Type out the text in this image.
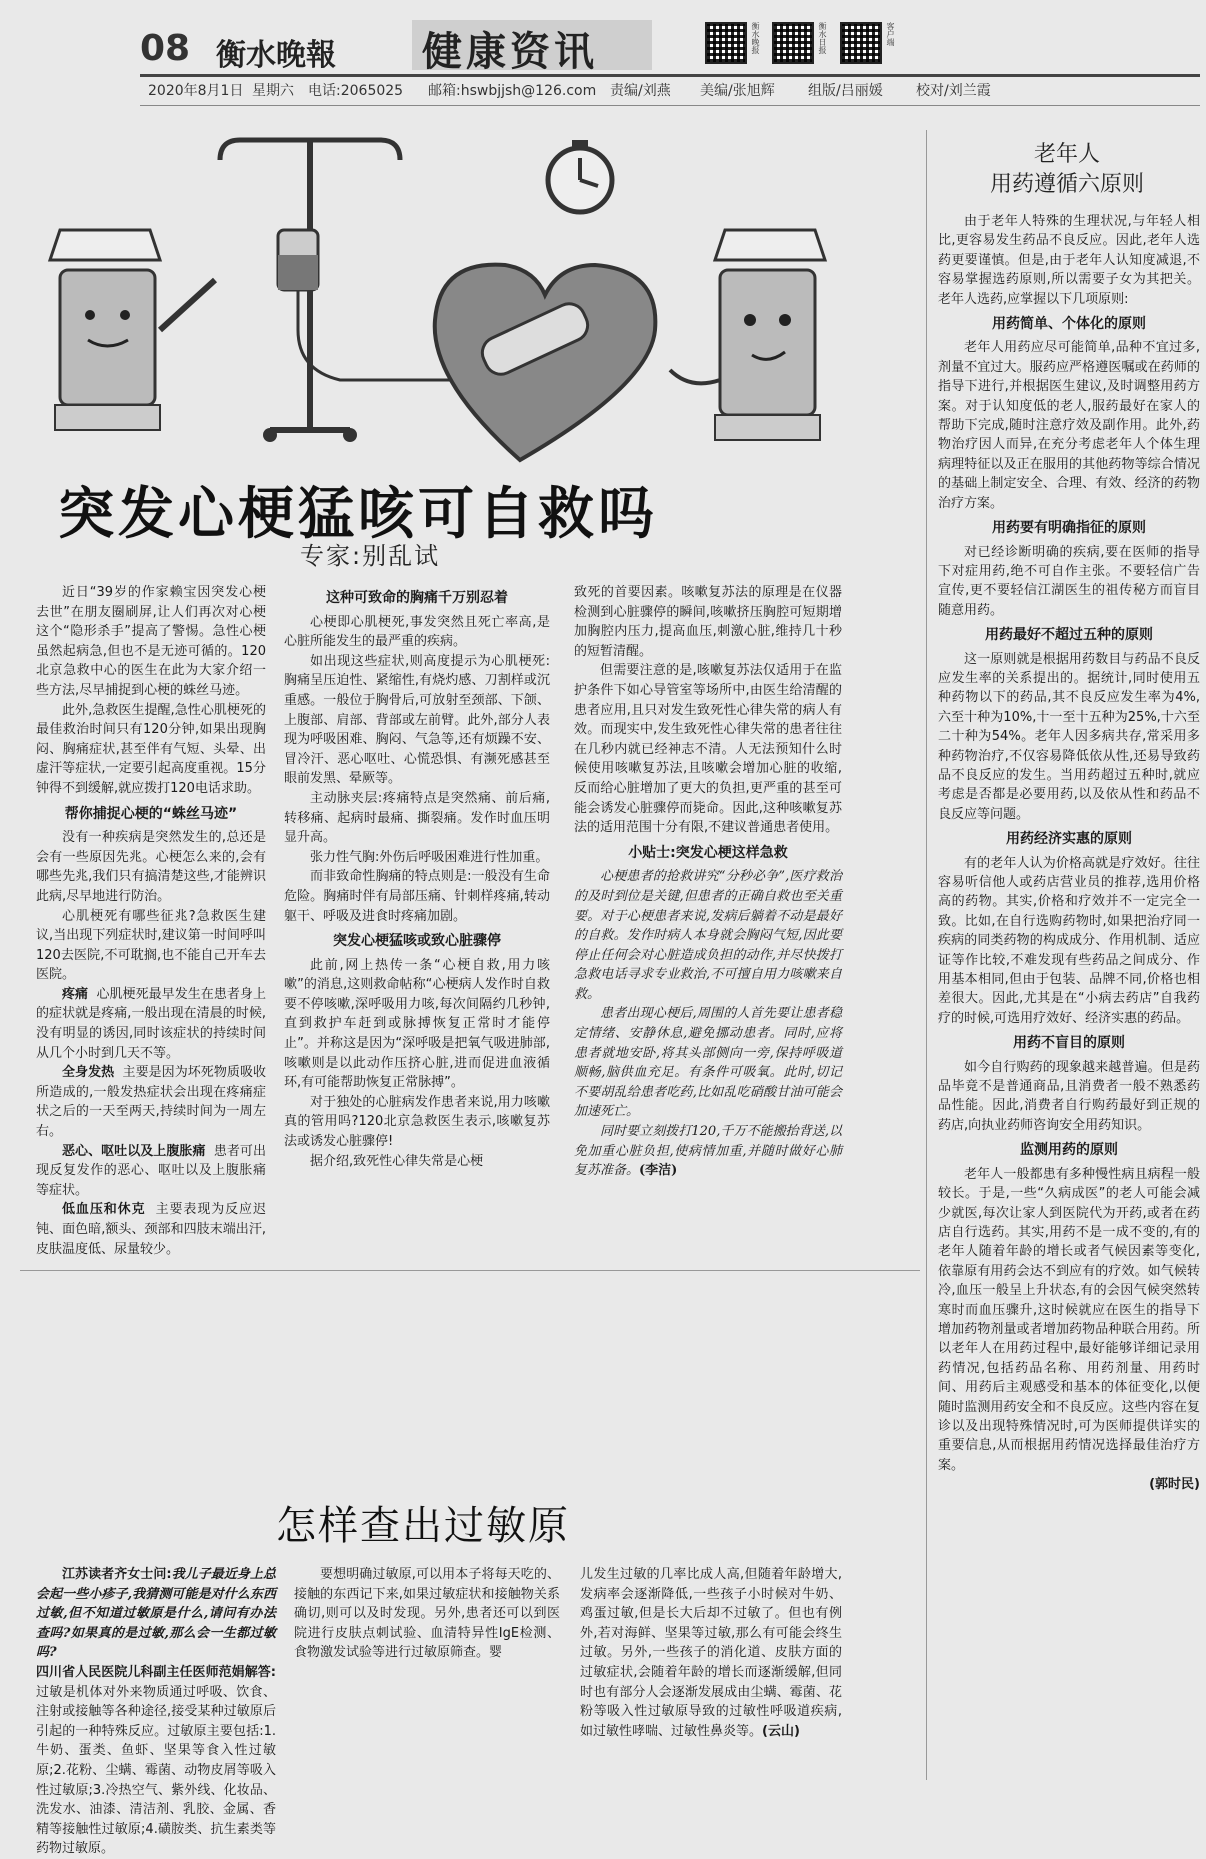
08 衡水晚報 健康资讯	衡水晚报	衡水日报	客户端
2020年8月1日 星期六 电话:2065025 邮箱:hswbjjsh@126.com 责编/刘燕 美编/张旭辉 组版/吕丽媛 校对/刘兰霞
突发心梗猛咳可自救吗
专家:别乱试

近日“39岁的作家赖宝因突发心梗去世”在朋友圈刷屏,让人们再次对心梗这个“隐形杀手”提高了警惕。急性心梗虽然起病急,但也不是无迹可循的。120北京急救中心的医生在此为大家介绍一些方法,尽早捕捉到心梗的蛛丝马迹。

此外,急救医生提醒,急性心肌梗死的最佳救治时间只有120分钟,如果出现胸闷、胸痛症状,甚至伴有气短、头晕、出虚汗等症状,一定要引起高度重视。15分钟得不到缓解,就应拨打120电话求助。

帮你捕捉心梗的“蛛丝马迹”

没有一种疾病是突然发生的,总还是会有一些原因先兆。心梗怎么来的,会有哪些先兆,我们只有搞清楚这些,才能辨识此病,尽早地进行防治。

心肌梗死有哪些征兆?急救医生建议,当出现下列症状时,建议第一时间呼叫120去医院,不可耽搁,也不能自己开车去医院。

疼痛 心肌梗死最早发生在患者身上的症状就是疼痛,一般出现在清晨的时候,没有明显的诱因,同时该症状的持续时间从几个小时到几天不等。

全身发热 主要是因为坏死物质吸收所造成的,一般发热症状会出现在疼痛症状之后的一天至两天,持续时间为一周左右。

恶心、呕吐以及上腹胀痛 患者可出现反复发作的恶心、呕吐以及上腹胀痛等症状。

低血压和休克 主要表现为反应迟钝、面色暗,额头、颈部和四肢末端出汗,皮肤温度低、尿量较少。

这种可致命的胸痛千万别忍着

心梗即心肌梗死,事发突然且死亡率高,是心脏所能发生的最严重的疾病。

如出现这些症状,则高度提示为心肌梗死:胸痛呈压迫性、紧缩性,有烧灼感、刀割样或沉重感。一般位于胸骨后,可放射至颈部、下颌、上腹部、肩部、背部或左前臂。此外,部分人表现为呼吸困难、胸闷、气急等,还有烦躁不安、冒冷汗、恶心呕吐、心慌恐惧、有濒死感甚至眼前发黑、晕厥等。

主动脉夹层:疼痛特点是突然痛、前后痛,转移痛、起病时最痛、撕裂痛。发作时血压明显升高。

张力性气胸:外伤后呼吸困难进行性加重。

而非致命性胸痛的特点则是:一般没有生命危险。胸痛时伴有局部压痛、针刺样疼痛,转动躯干、呼吸及进食时疼痛加剧。

突发心梗猛咳或致心脏骤停

此前,网上热传一条“心梗自救,用力咳嗽”的消息,这则救命帖称“心梗病人发作时自救要不停咳嗽,深呼吸用力咳,每次间隔约几秒钟,直到救护车赶到或脉搏恢复正常时才能停止”。并称这是因为“深呼吸是把氧气吸进肺部,咳嗽则是以此动作压挤心脏,进而促进血液循环,有可能帮助恢复正常脉搏”。

对于独处的心脏病发作患者来说,用力咳嗽真的管用吗?120北京急救医生表示,咳嗽复苏法或诱发心脏骤停!

据介绍,致死性心律失常是心梗

致死的首要因素。咳嗽复苏法的原理是在仪器检测到心脏骤停的瞬间,咳嗽挤压胸腔可短期增加胸腔内压力,提高血压,刺激心脏,维持几十秒的短暂清醒。

但需要注意的是,咳嗽复苏法仅适用于在监护条件下如心导管室等场所中,由医生给清醒的患者应用,且只对发生致死性心律失常的病人有效。而现实中,发生致死性心律失常的患者往往在几秒内就已经神志不清。人无法预知什么时候使用咳嗽复苏法,且咳嗽会增加心脏的收缩,反而给心脏增加了更大的负担,更严重的甚至可能会诱发心脏骤停而毙命。因此,这种咳嗽复苏法的适用范围十分有限,不建议普通患者使用。

小贴士:突发心梗这样急救

心梗患者的抢救讲究“分秒必争”,医疗救治的及时到位是关键,但患者的正确自救也至关重要。对于心梗患者来说,发病后躺着不动是最好的自救。发作时病人本身就会胸闷气短,因此要停止任何会对心脏造成负担的动作,并尽快拨打急救电话寻求专业救治,不可擅自用力咳嗽来自救。

患者出现心梗后,周围的人首先要让患者稳定情绪、安静休息,避免挪动患者。同时,应将患者就地安卧,将其头部侧向一旁,保持呼吸道顺畅,脑供血充足。有条件可吸氧。此时,切记不要胡乱给患者吃药,比如乱吃硝酸甘油可能会加速死亡。

同时要立刻拨打120,千万不能搬抬背送,以免加重心脏负担,使病情加重,并随时做好心肺复苏准备。(李洁)

老年人
用药遵循六原则

由于老年人特殊的生理状况,与年轻人相比,更容易发生药品不良反应。因此,老年人选药更要谨慎。但是,由于老年人认知度减退,不容易掌握选药原则,所以需要子女为其把关。老年人选药,应掌握以下几项原则:

用药简单、个体化的原则

老年人用药应尽可能简单,品种不宜过多,剂量不宜过大。服药应严格遵医嘱或在药师的指导下进行,并根据医生建议,及时调整用药方案。对于认知度低的老人,服药最好在家人的帮助下完成,随时注意疗效及副作用。此外,药物治疗因人而异,在充分考虑老年人个体生理病理特征以及正在服用的其他药物等综合情况的基础上制定安全、合理、有效、经济的药物治疗方案。

用药要有明确指征的原则

对已经诊断明确的疾病,要在医师的指导下对症用药,绝不可自作主张。不要轻信广告宣传,更不要轻信江湖医生的祖传秘方而盲目随意用药。

用药最好不超过五种的原则

这一原则就是根据用药数目与药品不良反应发生率的关系提出的。据统计,同时使用五种药物以下的药品,其不良反应发生率为4%,六至十种为10%,十一至十五种为25%,十六至二十种为54%。老年人因多病共存,常采用多种药物治疗,不仅容易降低依从性,还易导致药品不良反应的发生。当用药超过五种时,就应考虑是否都是必要用药,以及依从性和药品不良反应等问题。

用药经济实惠的原则

有的老年人认为价格高就是疗效好。往往容易听信他人或药店营业员的推荐,选用价格高的药物。其实,价格和疗效并不一定完全一致。比如,在自行选购药物时,如果把治疗同一疾病的同类药物的构成成分、作用机制、适应证等作比较,不难发现有些药品之间成分、作用基本相同,但由于包装、品牌不同,价格也相差很大。因此,尤其是在“小病去药店”自我药疗的时候,可选用疗效好、经济实惠的药品。

用药不盲目的原则

如今自行购药的现象越来越普遍。但是药品毕竟不是普通商品,且消费者一般不熟悉药品性能。因此,消费者自行购药最好到正规的药店,向执业药师咨询安全用药知识。

监测用药的原则

老年人一般都患有多种慢性病且病程一般较长。于是,一些“久病成医”的老人可能会减少就医,每次让家人到医院代为开药,或者在药店自行选药。其实,用药不是一成不变的,有的老年人随着年龄的增长或者气候因素等变化,依靠原有用药会达不到应有的疗效。如气候转冷,血压一般呈上升状态,有的会因气候突然转寒时而血压骤升,这时候就应在医生的指导下增加药物剂量或者增加药物品种联合用药。所以老年人在用药过程中,最好能够详细记录用药情况,包括药品名称、用药剂量、用药时间、用药后主观感受和基本的体征变化,以便随时监测用药安全和不良反应。这些内容在复诊以及出现特殊情况时,可为医师提供详实的重要信息,从而根据用药情况选择最佳治疗方案。

(郭时民)
怎样查出过敏原

江苏读者齐女士问:我儿子最近身上总会起一些小疹子,我猜测可能是对什么东西过敏,但不知道过敏原是什么,请问有办法查吗?如果真的是过敏,那么会一生都过敏吗?

四川省人民医院儿科副主任医师范娟解答:过敏是机体对外来物质通过呼吸、饮食、注射或接触等各种途径,接受某种过敏原后引起的一种特殊反应。过敏原主要包括:1.牛奶、蛋类、鱼虾、坚果等食入性过敏原;2.花粉、尘螨、霉菌、动物皮屑等吸入性过敏原;3.冷热空气、紫外线、化妆品、洗发水、油漆、清洁剂、乳胶、金属、香精等接触性过敏原;4.磺胺类、抗生素类等药物过敏原。

要想明确过敏原,可以用本子将每天吃的、接触的东西记下来,如果过敏症状和接触物关系确切,则可以及时发现。另外,患者还可以到医院进行皮肤点刺试验、血清特异性IgE检测、食物激发试验等进行过敏原筛查。婴

儿发生过敏的几率比成人高,但随着年龄增大,发病率会逐渐降低,一些孩子小时候对牛奶、鸡蛋过敏,但是长大后却不过敏了。但也有例外,若对海鲜、坚果等过敏,那么有可能会终生过敏。另外,一些孩子的消化道、皮肤方面的过敏症状,会随着年龄的增长而逐渐缓解,但同时也有部分人会逐渐发展成由尘螨、霉菌、花粉等吸入性过敏原导致的过敏性呼吸道疾病,如过敏性哮喘、过敏性鼻炎等。(云山)
